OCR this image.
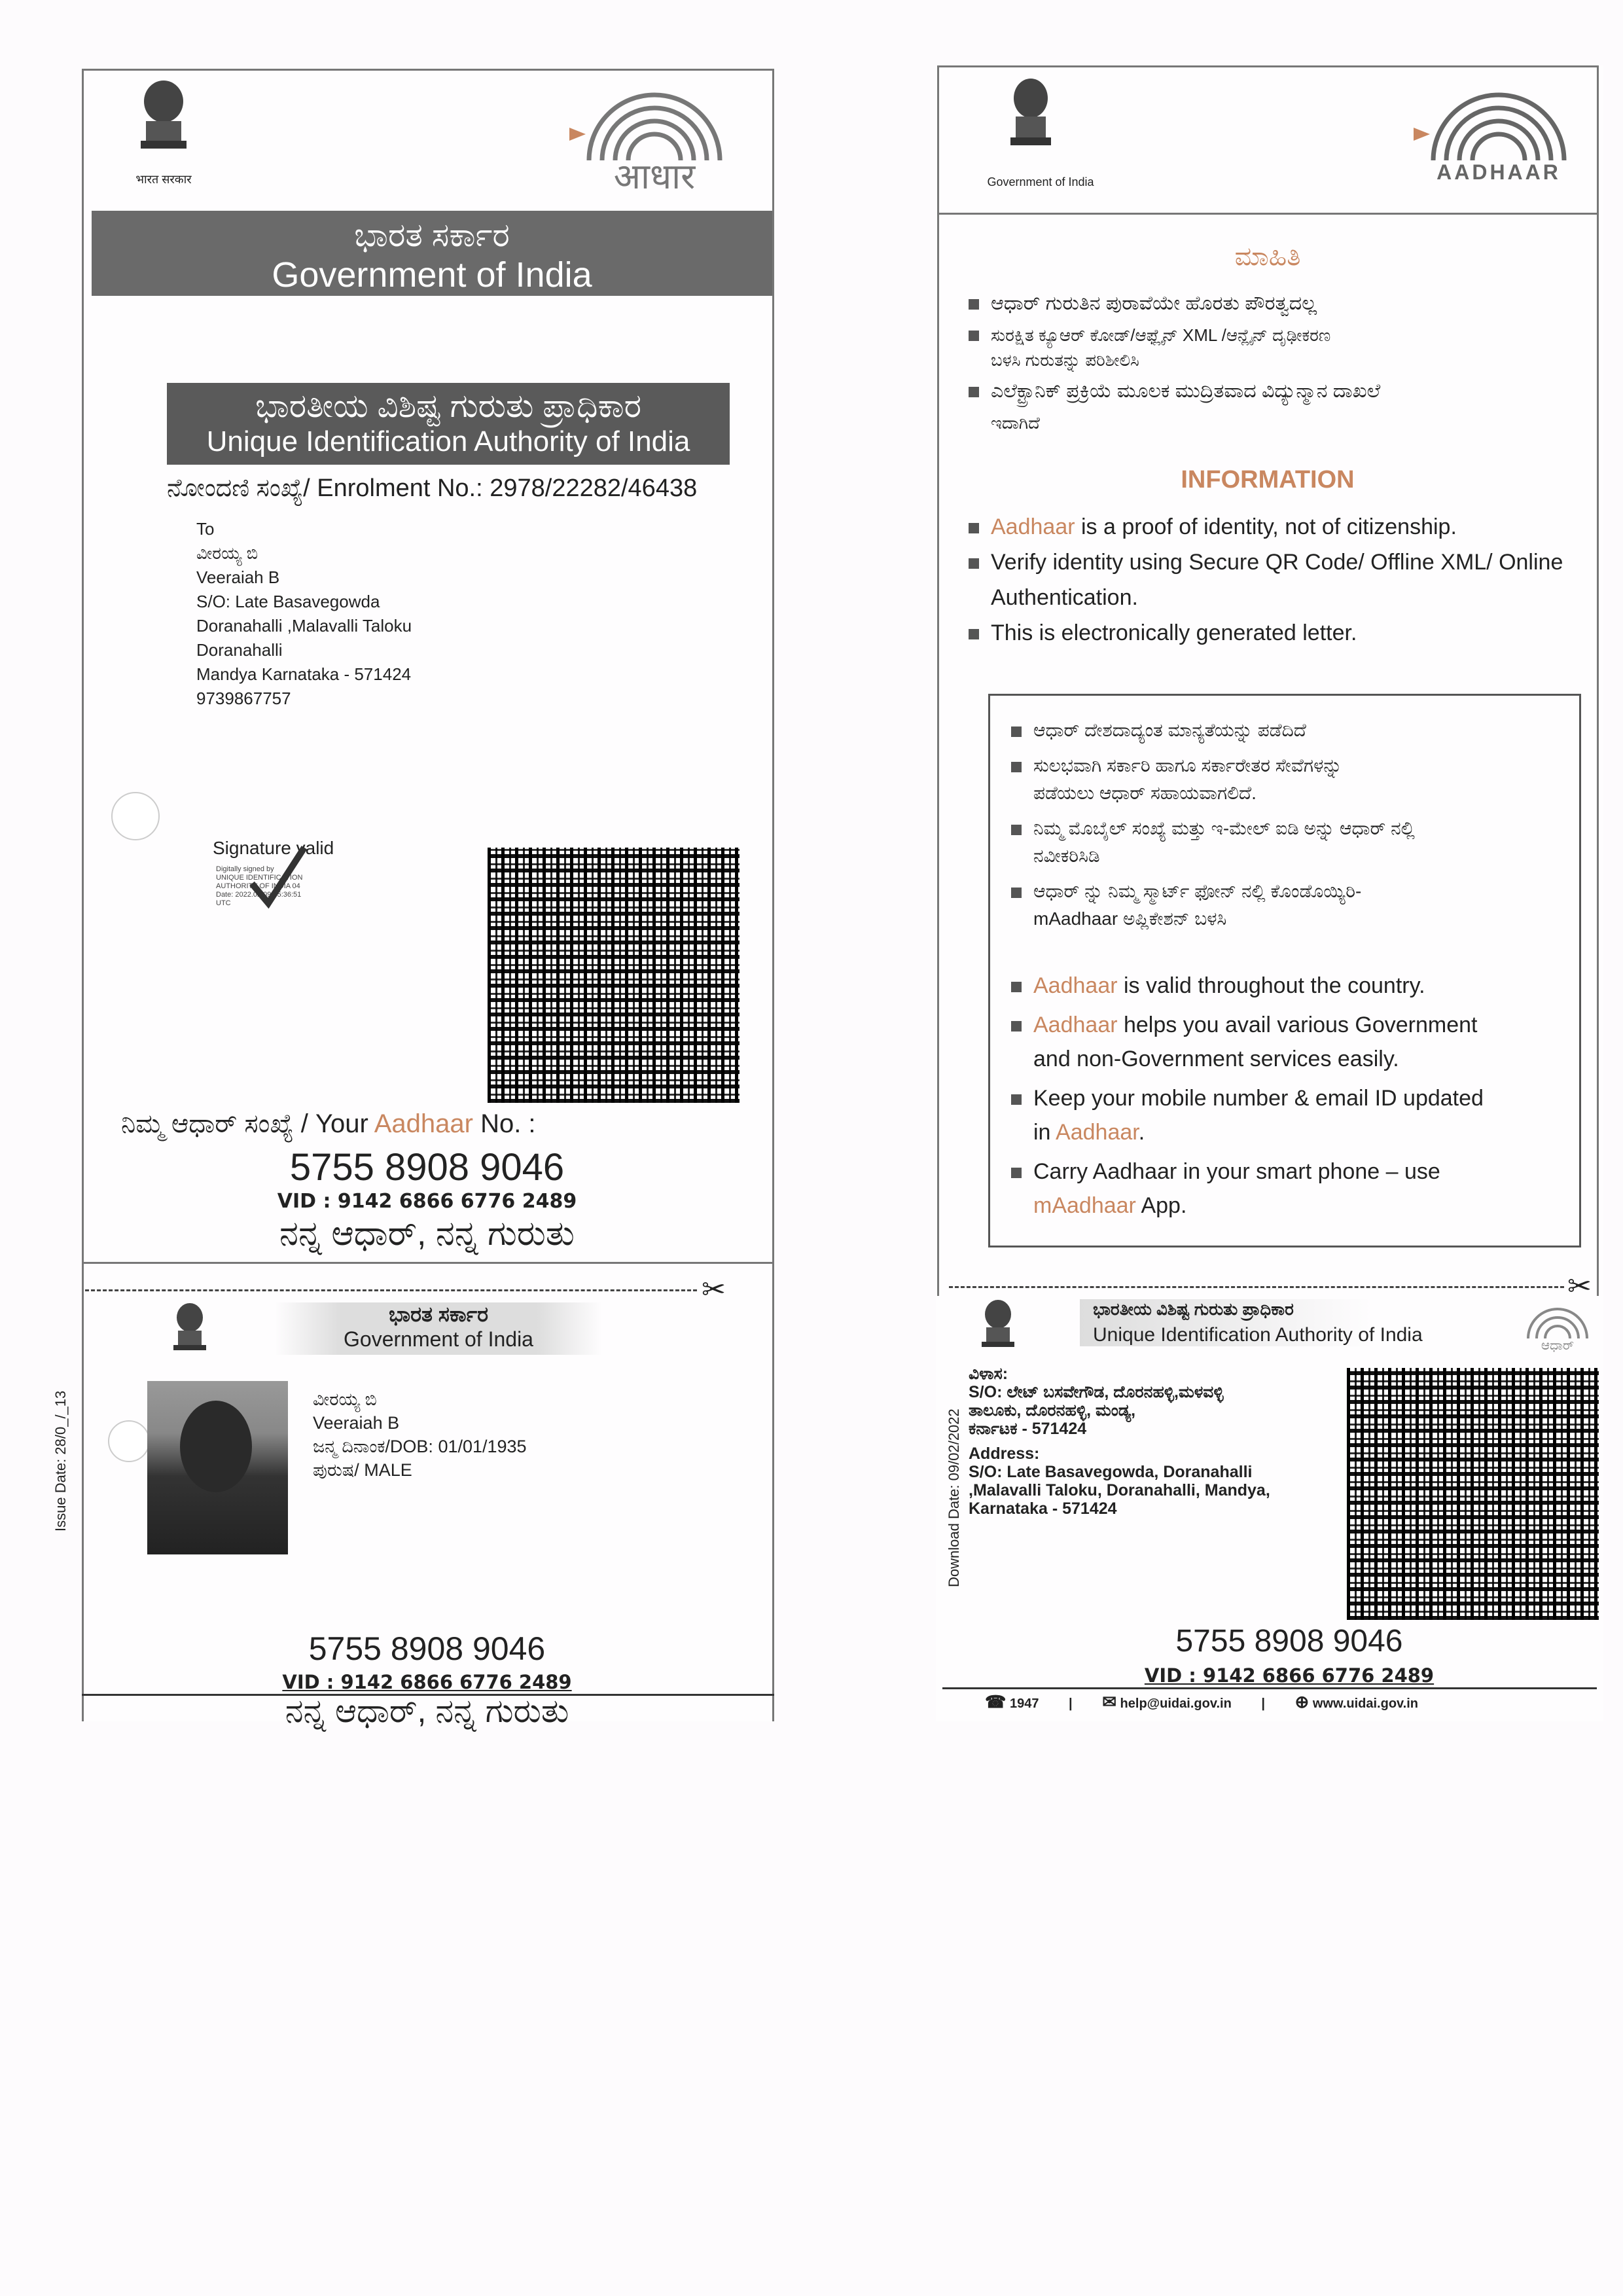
भारत सरकार	आधार
ಭಾರತ ಸರ್ಕಾರ
Government of India
ಭಾರತೀಯ ವಿಶಿಷ್ಟ ಗುರುತು ಪ್ರಾಧಿಕಾರ
Unique Identification Authority of India
ನೋಂದಣಿ ಸಂಖ್ಯೆ/ Enrolment No.: 2978/22282/46438
To
ವೀರಯ್ಯ ಬಿ
Veeraiah B
S/O: Late Basavegowda
Doranahalli ,Malavalli Taloku
Doranahalli
Mandya Karnataka - 571424
9739867757
Signature valid
Digitally signed by
UNIQUE IDENTIFICATION
AUTHORITY OF INDIA 04
Date: 2022.02.09 05:36:51
UTC
ನಿಮ್ಮ ಆಧಾರ್ ಸಂಖ್ಯೆ / Your Aadhaar No. :
5755 8908 9046
VID : 9142 6866 6776 2489
ನನ್ನ ಆಧಾರ್, ನನ್ನ ಗುರುತು
✂
ಭಾರತ ಸರ್ಕಾರ
Government of India
Issue Date: 28/0_/_13	ವೀರಯ್ಯ ಬಿ
Veeraiah B
ಜನ್ಮ ದಿನಾಂಕ/DOB: 01/01/1935
ಪುರುಷ/ MALE
5755 8908 9046
VID : 9142 6866 6776 2489
ನನ್ನ ಆಧಾರ್, ನನ್ನ ಗುರುತು
Government of India	AADHAAR
ಮಾಹಿತಿ
ಆಧಾರ್ ಗುರುತಿನ ಪುರಾವೆಯೇ ಹೊರತು ಪೌರತ್ವದಲ್ಲ
ಸುರಕ್ಷಿತ ಕ್ಯೂಆರ್ ಕೋಡ್/ಆಫ್ಲೈನ್ XML /ಆನ್ಲೈನ್ ದೃಢೀಕರಣ
ಬಳಸಿ ಗುರುತನ್ನು ಪರಿಶೀಲಿಸಿ
ಎಲೆಕ್ಟ್ರಾನಿಕ್ ಪ್ರಕ್ರಿಯೆ ಮೂಲಕ ಮುದ್ರಿತವಾದ ವಿದ್ಯುನ್ಮಾನ ದಾಖಲೆ
ಇದಾಗಿದೆ
INFORMATION
Aadhaar is a proof of identity, not of citizenship.
Verify identity using Secure QR Code/ Offline XML/ Online
Authentication.
This is electronically generated letter.
ಆಧಾರ್ ದೇಶದಾದ್ಯಂತ ಮಾನ್ಯತೆಯನ್ನು ಪಡೆದಿದೆ
ಸುಲಭವಾಗಿ ಸರ್ಕಾರಿ ಹಾಗೂ ಸರ್ಕಾರೇತರ ಸೇವೆಗಳನ್ನು
ಪಡೆಯಲು ಆಧಾರ್ ಸಹಾಯವಾಗಲಿದೆ.
ನಿಮ್ಮ ಮೊಬೈಲ್ ಸಂಖ್ಯೆ ಮತ್ತು ಇ-ಮೇಲ್ ಐಡಿ ಅನ್ನು ಆಧಾರ್ ನಲ್ಲಿ
ನವೀಕರಿಸಿಡಿ
ಆಧಾರ್ ನ್ನು ನಿಮ್ಮ ಸ್ಮಾರ್ಟ್ ಫೋನ್ ನಲ್ಲಿ ಕೊಂಡೊಯ್ಯಿರಿ-
mAadhaar ಅಪ್ಲಿಕೇಶನ್ ಬಳಸಿ
Aadhaar is valid throughout the country.
Aadhaar helps you avail various Government
and non-Government services easily.
Keep your mobile number & email ID updated
in Aadhaar.
Carry Aadhaar in your smart phone – use
mAadhaar App.
✂
ಭಾರತೀಯ ವಿಶಿಷ್ಟ ಗುರುತು ಪ್ರಾಧಿಕಾರ
Unique Identification Authority of India	ಆಧಾರ್
Download Date: 09/02/2022
ವಿಳಾಸ:
S/O: ಲೇಟ್ ಬಸವೇಗೌಡ, ದೊರನಹಳ್ಳಿ,ಮಳವಳ್ಳಿ
ತಾಲೂಕು, ದೊರನಹಳ್ಳಿ, ಮಂಡ್ಯ,
ಕರ್ನಾಟಕ - 571424
Address:
S/O: Late Basavegowda, Doranahalli
,Malavalli Taloku, Doranahalli, Mandya,
Karnataka - 571424
5755 8908 9046
VID : 9142 6866 6776 2489
☎ 1947 | ✉ help@uidai.gov.in | ⊕ www.uidai.gov.in
